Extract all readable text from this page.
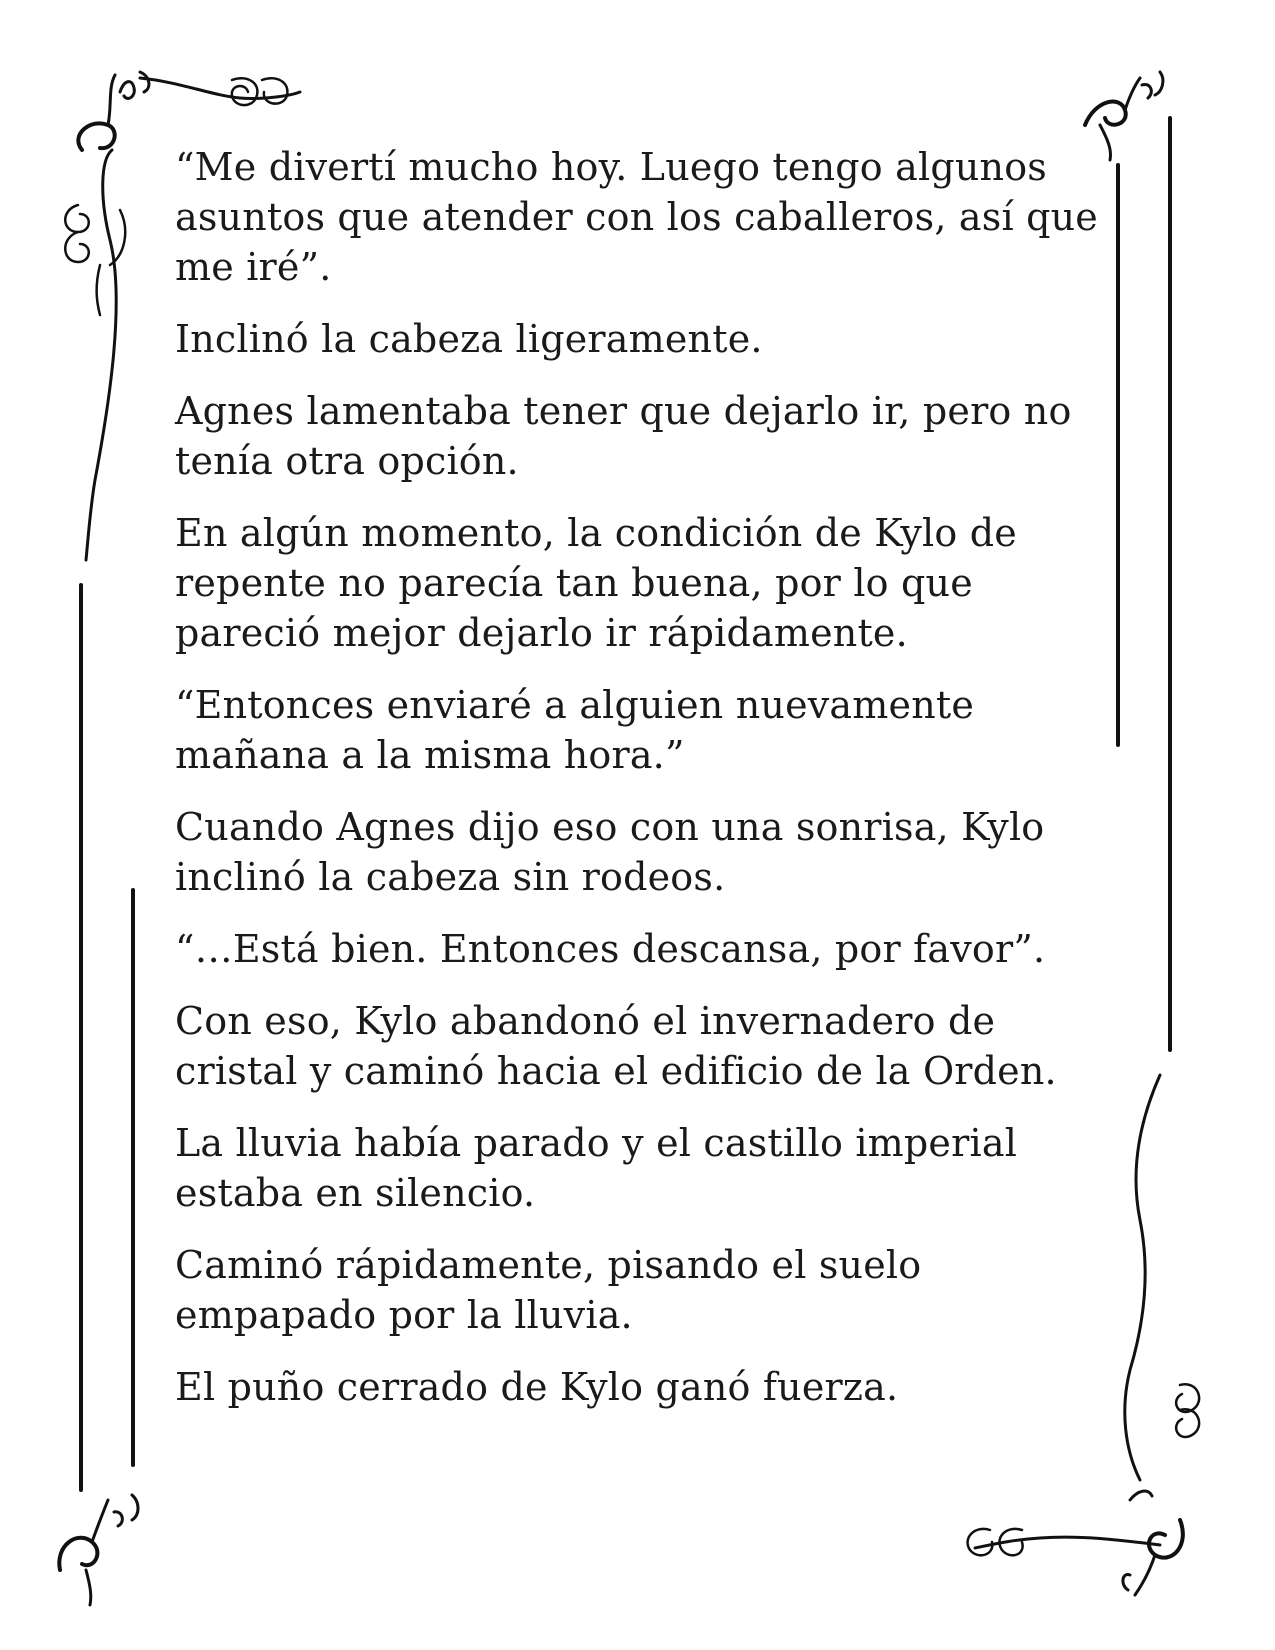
“Me divertí mucho hoy. Luego tengo algunos
asuntos que atender con los caballeros, así que
me iré”.

Inclinó la cabeza ligeramente.

Agnes lamentaba tener que dejarlo ir, pero no
tenía otra opción.

En algún momento, la condición de Kylo de
repente no parecía tan buena, por lo que
pareció mejor dejarlo ir rápidamente.

“Entonces enviaré a alguien nuevamente
mañana a la misma hora.”

Cuando Agnes dijo eso con una sonrisa, Kylo
inclinó la cabeza sin rodeos.

“…Está bien. Entonces descansa, por favor”.

Con eso, Kylo abandonó el invernadero de
cristal y caminó hacia el edificio de la Orden.

La lluvia había parado y el castillo imperial
estaba en silencio.

Caminó rápidamente, pisando el suelo
empapado por la lluvia.

El puño cerrado de Kylo ganó fuerza.
